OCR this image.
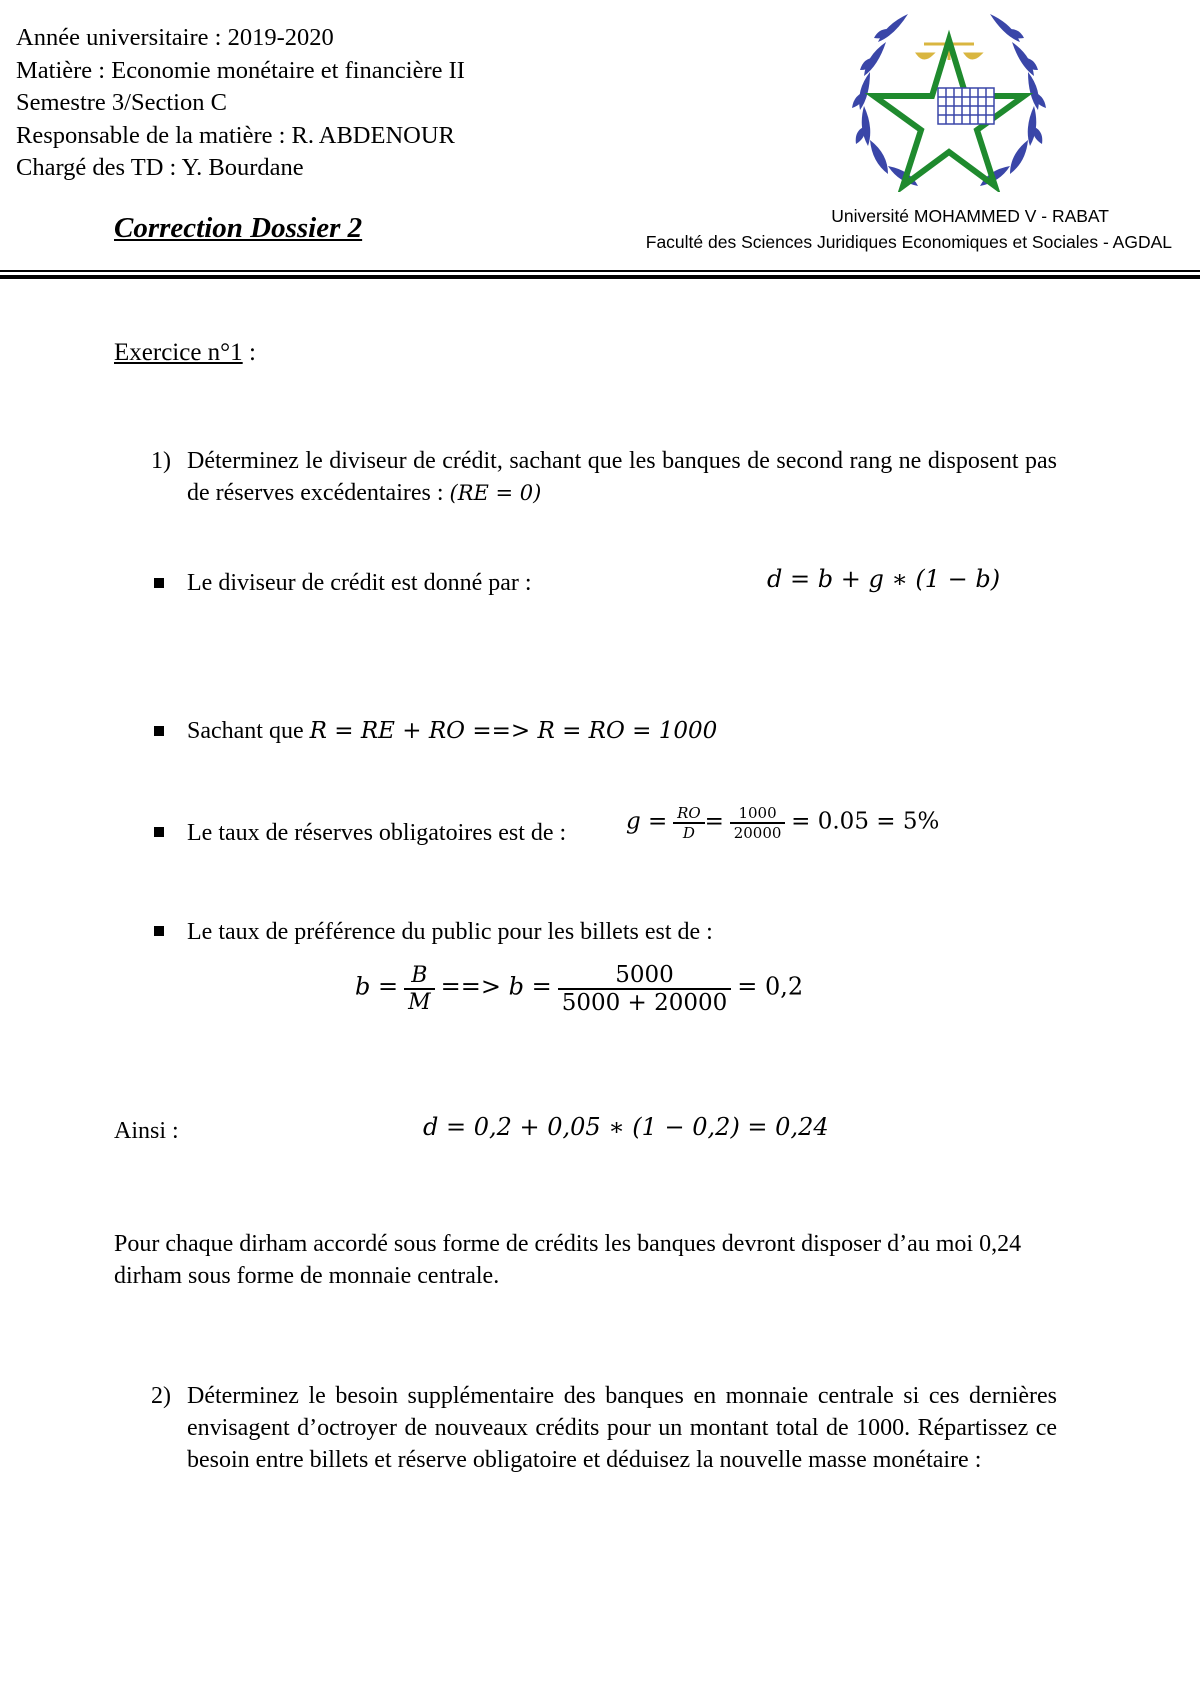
Année universitaire : 2019-2020
Matière : Economie monétaire et financière II
Semestre 3/Section C
Responsable de la matière : R. ABDENOUR
Chargé des TD : Y. Bourdane
Correction Dossier 2	Université MOHAMMED V - RABAT
Faculté des Sciences Juridiques Economiques et Sociales - AGDAL
Exercice n°1 :
1) Déterminez le diviseur de crédit, sachant que les banques de second rang ne disposent pas de réserves excédentaires : (RE = 0)
Le diviseur de crédit est donné par :	d = b + g ∗ (1 − b)
Sachant que R = RE + RO ==> R = RO = 1000
Le taux de réserves obligatoires est de :	$g = \frac{RO}{D} = \frac{1000}{20000} = 0.05 = 5\%$
Le taux de préférence du public pour les billets est de :
$b = \frac{B}{M}$ ==> $b = \frac{5000}{5000 + 20000} = 0,2$
Ainsi :	d = 0,2 + 0,05 ∗ (1 − 0,2) = 0,24
Pour chaque dirham accordé sous forme de crédits les banques devront disposer d’au moi 0,24 dirham sous forme de monnaie centrale.
2) Déterminez le besoin supplémentaire des banques en monnaie centrale si ces dernières envisagent d’octroyer de nouveaux crédits pour un montant total de 1000. Répartissez ce besoin entre billets et réserve obligatoire et déduisez la nouvelle masse monétaire :
